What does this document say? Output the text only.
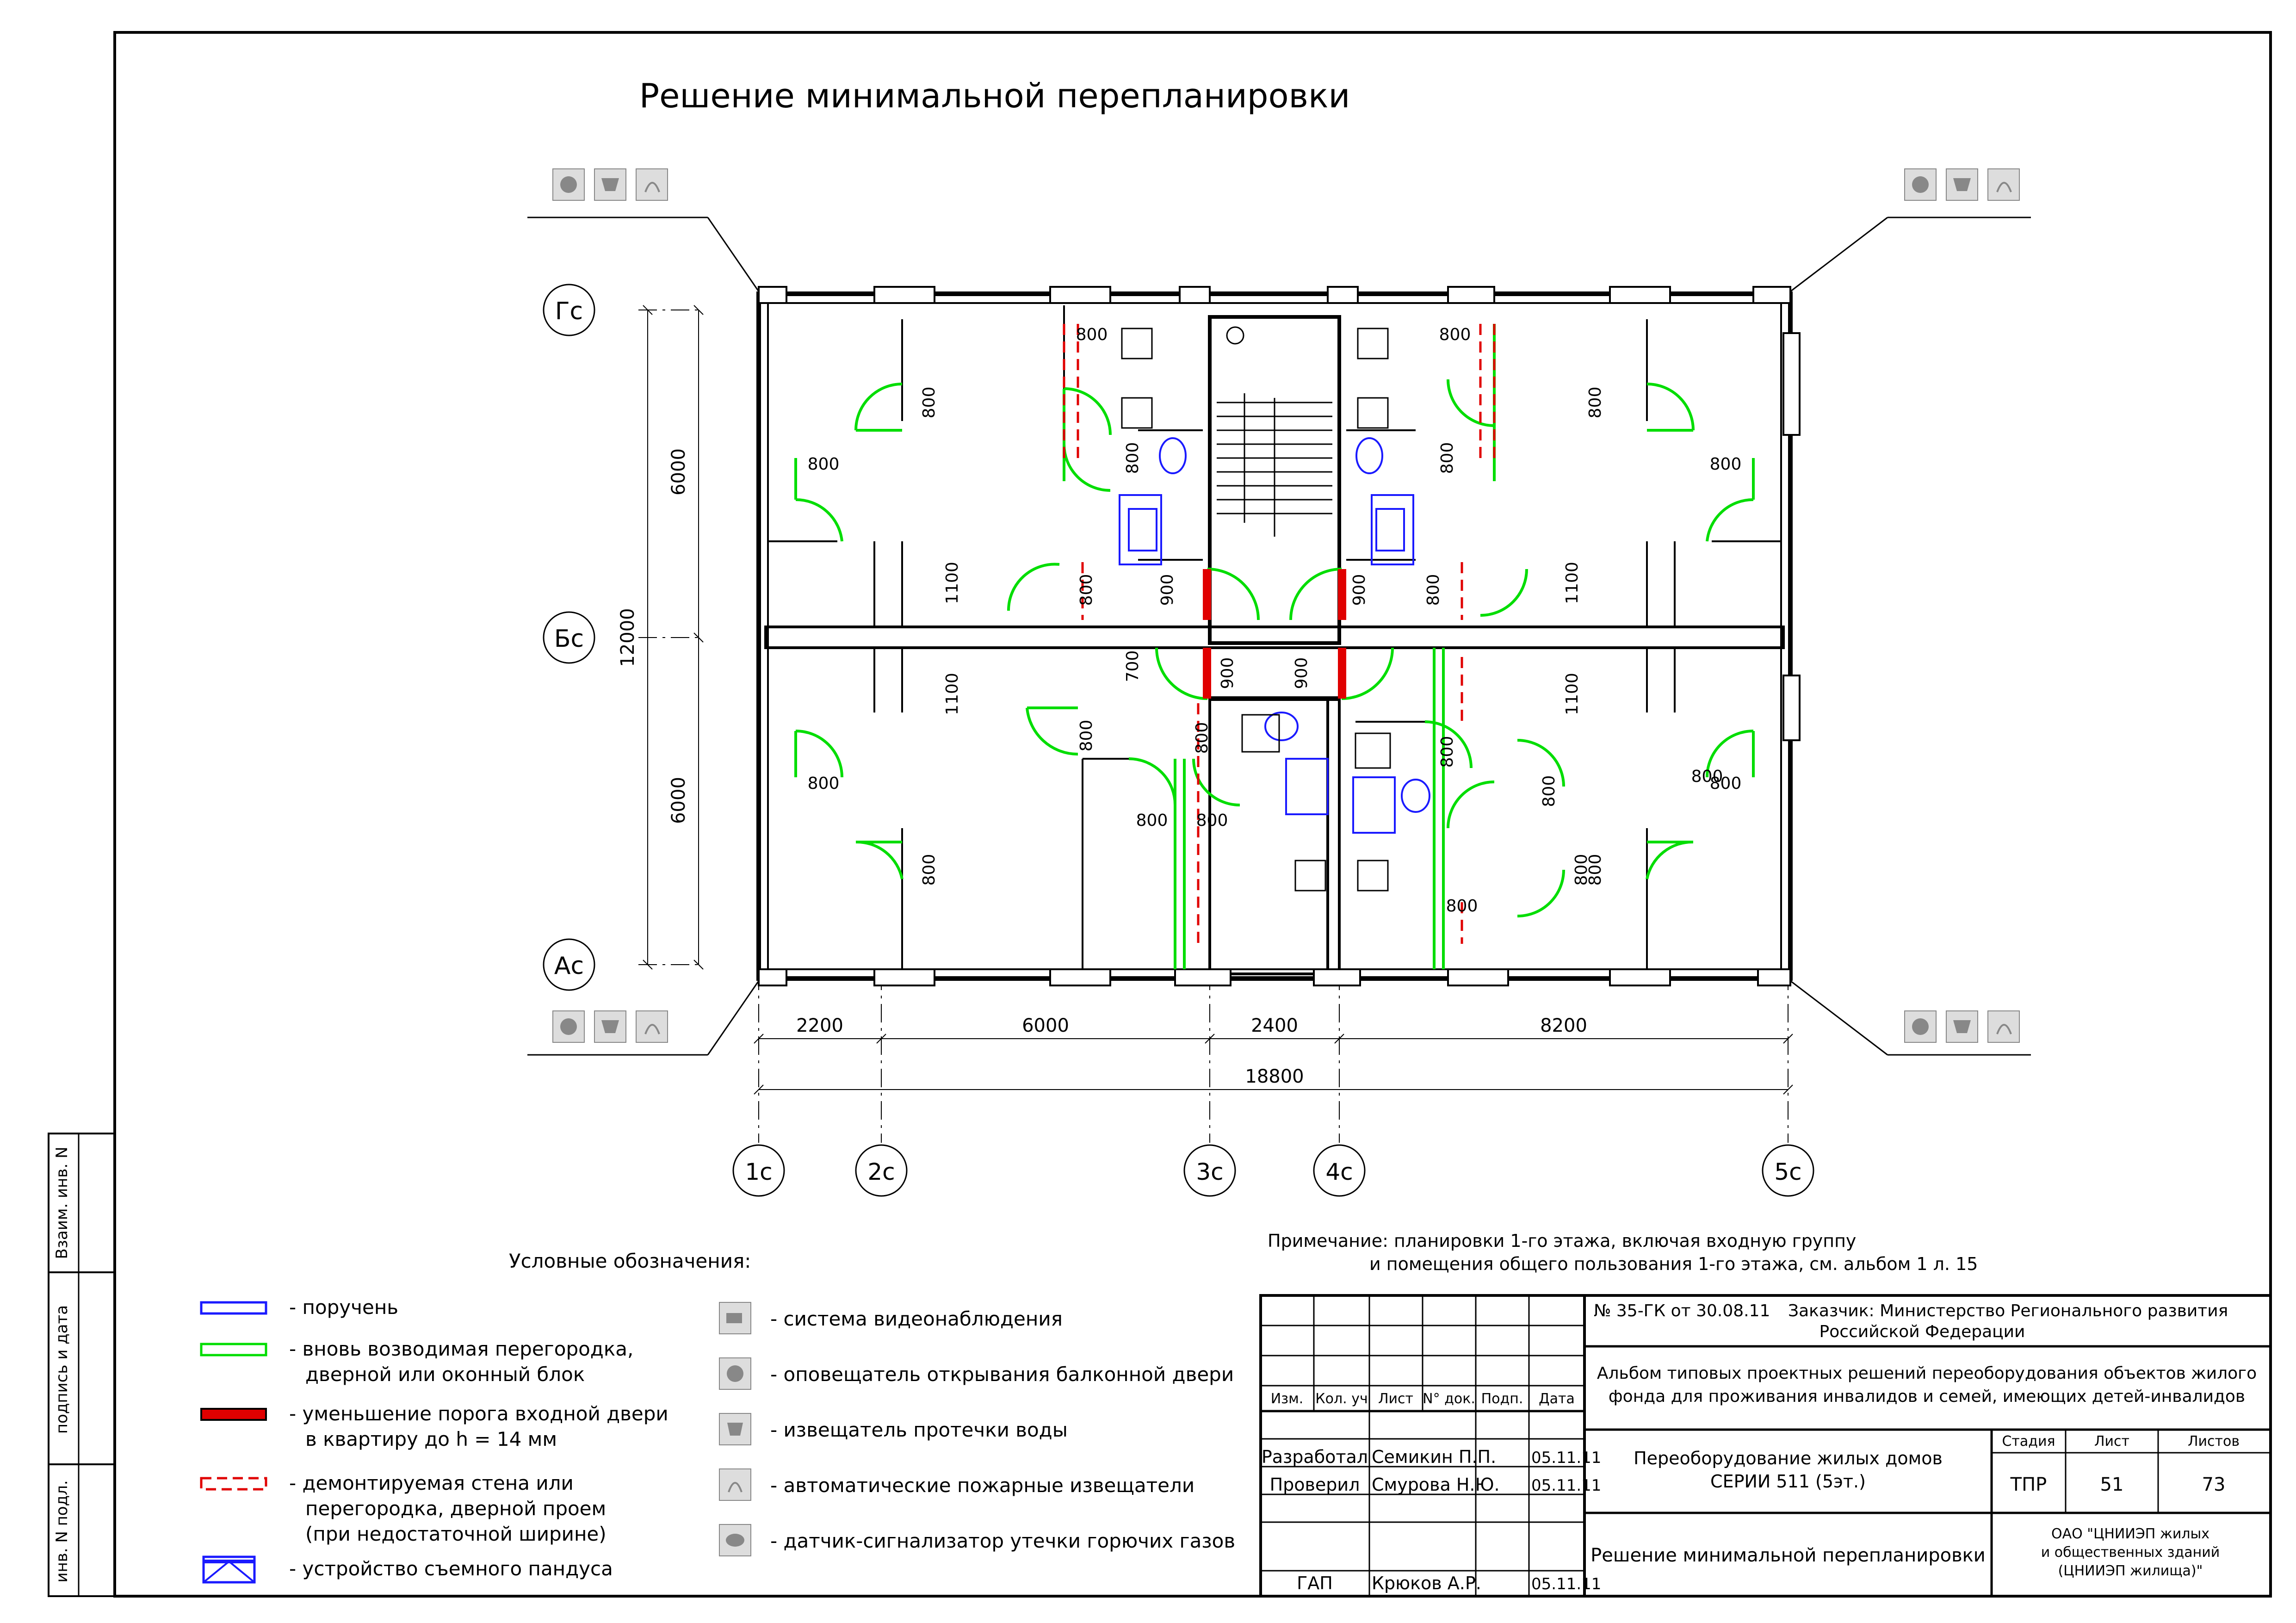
Решение минимальной перепланировки
Гс
Бс
Ас
1с	2с	3с	4с	5с
6000
6000
12000
2200	6000	2400	8200
18800
800
800
800	800
800
800
800 800
800
800
800
800
800
800	800
800	800
800	800	800
800
800
800
900	900
900	900
1100
1100
1100
1100
700
Примечание: планировки 1-го этажа, включая входную группу
и помещения общего пользования 1-го этажа, см. альбом 1 л. 15
Условные обозначения:
- поручень
- вновь возводимая перегородка,
дверной или оконный блок
- уменьшение порога входной двери
в квартиру до h = 14 мм
- демонтируемая стена или
перегородка, дверной проем
(при недостаточной ширине)
- устройство съемного пандуса
- система видеонаблюдения
- оповещатель открывания балконной двери
- извещатель протечки воды
- автоматические пожарные извещатели
- датчик-сигнализатор утечки горючих газов
Взаим. инв. N
подпись и дата
инв. N подл.
Изм. Кол. уч Лист N° док. Подп. Дата
Разработал Семикин П.П. 05.11.11
Проверил Смурова Н.Ю. 05.11.11
ГАП Крюков А.Р.	05.11.11
№ 35-ГК от 30.08.11 Заказчик: Министерство Регионального развития
Российской Федерации
Альбом типовых проектных решений переоборудования объектов жилого
фонда для проживания инвалидов и семей, имеющих детей-инвалидов
Переоборудование жилых домов
СЕРИИ 511 (5эт.)
Стадия	Лист	Листов
ТПР	51	73
Решение минимальной перепланировки
ОАО "ЦНИИЭП жилых
и общественных зданий
(ЦНИИЭП жилища)"
